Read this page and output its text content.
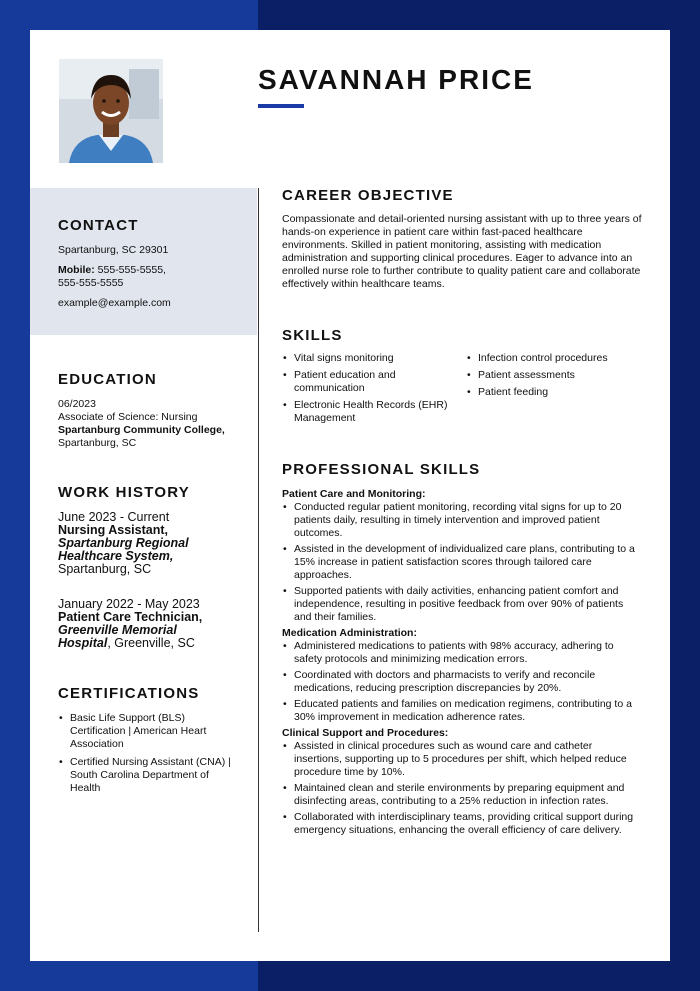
SAVANNAH PRICE
CONTACT
Spartanburg, SC 29301
Mobile: 555-555-5555,
555-555-5555
example@example.com
EDUCATION
06/2023
Associate of Science: Nursing
Spartanburg Community College,
Spartanburg, SC
WORK HISTORY
June 2023 - Current
Nursing Assistant,
Spartanburg Regional
Healthcare System,
Spartanburg, SC
January 2022 - May 2023
Patient Care Technician,
Greenville Memorial
Hospital, Greenville, SC
CERTIFICATIONS
• Basic Life Support (BLS) Certification | American Heart Association
• Certified Nursing Assistant (CNA) | South Carolina Department of Health
CAREER OBJECTIVE
Compassionate and detail-oriented nursing assistant with up to three years of hands-on experience in patient care within fast-paced healthcare environments. Skilled in patient monitoring, assisting with medication administration and supporting clinical procedures. Eager to advance into an enrolled nurse role to further contribute to quality patient care and collaborate effectively within healthcare teams.
SKILLS
• Vital signs monitoring
• Patient education and communication
• Electronic Health Records (EHR) Management
• Infection control procedures
• Patient assessments
• Patient feeding
PROFESSIONAL SKILLS
Patient Care and Monitoring:
• Conducted regular patient monitoring, recording vital signs for up to 20 patients daily, resulting in timely intervention and improved patient outcomes.
• Assisted in the development of individualized care plans, contributing to a 15% increase in patient satisfaction scores through tailored care approaches.
• Supported patients with daily activities, enhancing patient comfort and independence, resulting in positive feedback from over 90% of patients and their families.
Medication Administration:
• Administered medications to patients with 98% accuracy, adhering to safety protocols and minimizing medication errors.
• Coordinated with doctors and pharmacists to verify and reconcile medications, reducing prescription discrepancies by 20%.
• Educated patients and families on medication regimens, contributing to a 30% improvement in medication adherence rates.
Clinical Support and Procedures:
• Assisted in clinical procedures such as wound care and catheter insertions, supporting up to 5 procedures per shift, which helped reduce procedure time by 10%.
• Maintained clean and sterile environments by preparing equipment and disinfecting areas, contributing to a 25% reduction in infection rates.
• Collaborated with interdisciplinary teams, providing critical support during emergency situations, enhancing the overall efficiency of care delivery.
